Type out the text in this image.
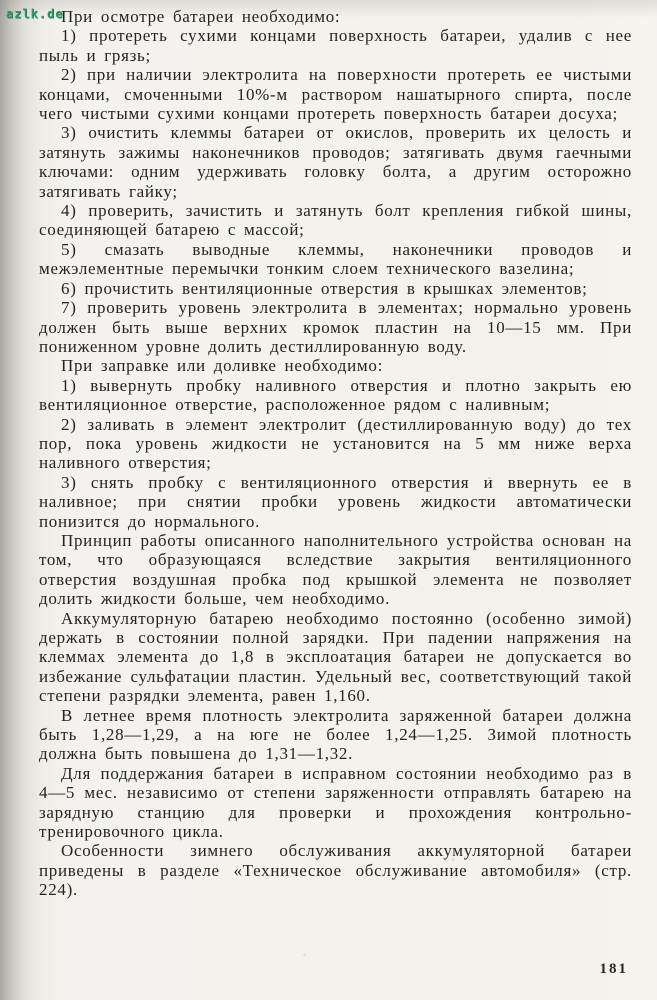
azlk.de

При осмотре батареи необходимо:

1) протереть сухими концами поверхность батареи, удалив с нее пыль и грязь;

2) при наличии электролита на поверхности протереть ее чистыми концами, смоченными 10%-м раствором нашатырного спирта, после чего чистыми сухими концами протереть поверхность батареи досуха;

3) очистить клеммы батареи от окислов, проверить их целость и затянуть зажимы наконечников проводов; затягивать двумя гаечными ключами: одним удерживать головку болта, а другим осторожно затягивать гайку;

4) проверить, зачистить и затянуть болт крепления гибкой шины, соединяющей батарею с массой;

5) смазать выводные клеммы, наконечники проводов и межэлементные перемычки тонким слоем технического вазелина;

6) прочистить вентиляционные отверстия в крышках элементов;

7) проверить уровень электролита в элементах; нормально уровень должен быть выше верхних кромок пластин на 10—15 мм. При пониженном уровне долить дестиллированную воду.

При заправке или доливке необходимо:

1) вывернуть пробку наливного отверстия и плотно закрыть ею вентиляционное отверстие, расположенное рядом с наливным;

2) заливать в элемент электролит (дестиллированную воду) до тех пор, пока уровень жидкости не установится на 5 мм ниже верха наливного отверстия;

3) снять пробку с вентиляционного отверстия и ввернуть ее в наливное; при снятии пробки уровень жидкости автоматически понизится до нормального.

Принцип работы описанного наполнительного устройства основан на том, что образующаяся вследствие закрытия вентиляционного отверстия воздушная пробка под крышкой элемента не позволяет долить жидкости больше, чем необходимо.

Аккумуляторную батарею необходимо постоянно (особенно зимой) держать в состоянии полной зарядки. При падении напряжения на клеммах элемента до 1,8 в эксплоатация батареи не допускается во избежание сульфатации пластин. Удельный вес, соответствующий такой степени разрядки элемента, равен 1,160.

В летнее время плотность электролита заряженной батареи должна быть 1,28—1,29, а на юге не более 1,24—1,25. Зимой плотность должна быть повышена до 1,31—1,32.

Для поддержания батареи в исправном состоянии необходимо раз в 4—5 мес. независимо от степени заряженности отправлять батарею на зарядную станцию для проверки и прохождения контрольно-тренировочного цикла.

Особенности зимнего обслуживания аккумуляторной батареи приведены в разделе «Техническое обслуживание автомобиля» (стр. 224).

181
